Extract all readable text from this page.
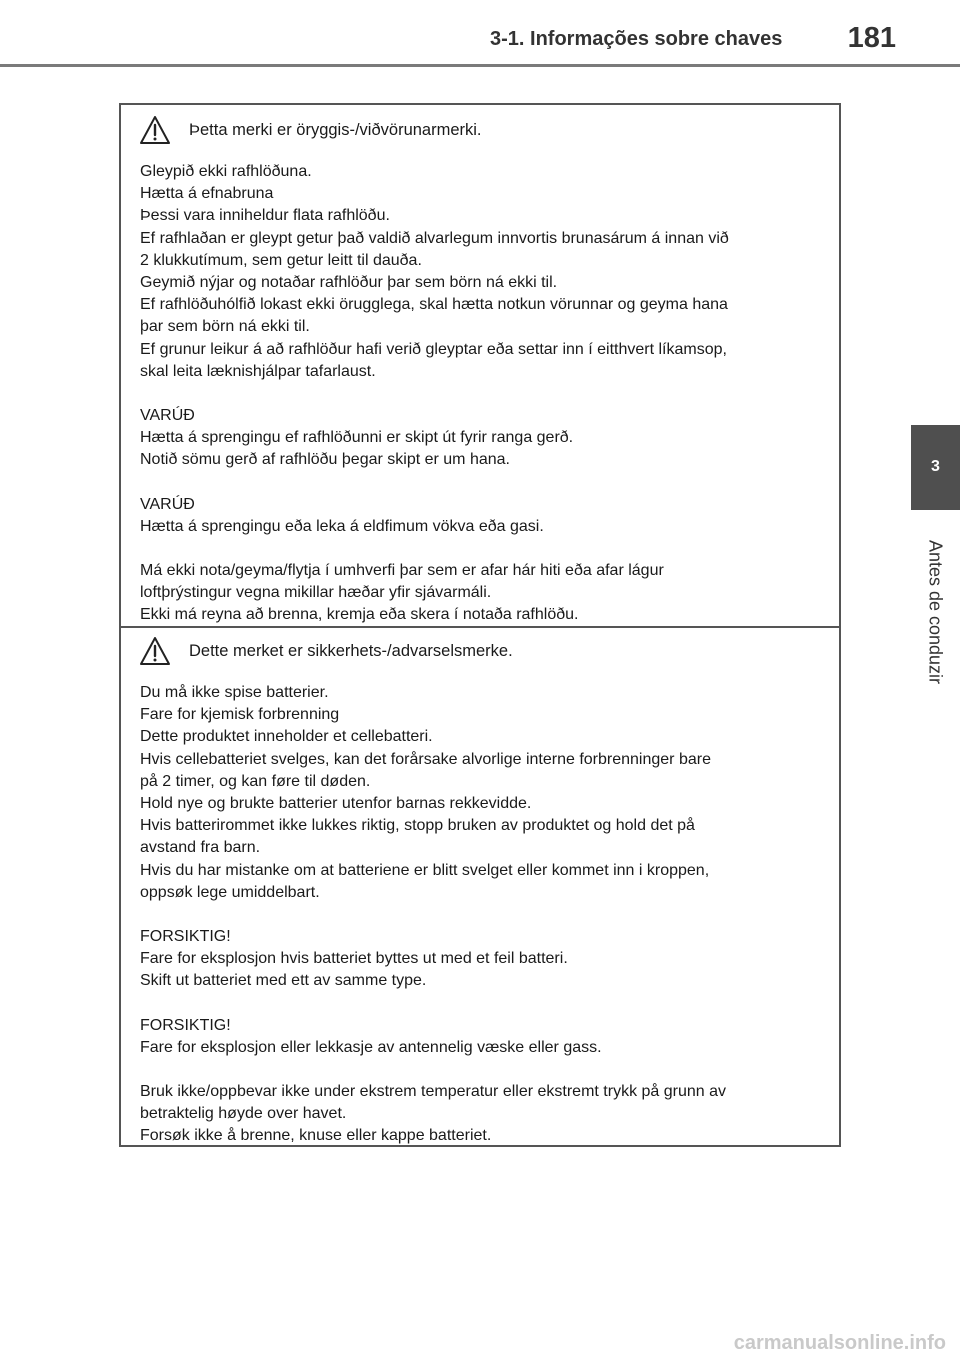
3-1. Informações sobre chaves	181
3
Antes de conduzir
Þetta merki er öryggis-/viðvörunarmerki.
Gleypið ekki rafhlöðuna.
Hætta á efnabruna
Þessi vara inniheldur flata rafhlöðu.
Ef rafhlaðan er gleypt getur það valdið alvarlegum innvortis brunasárum á innan við
2 klukkutímum, sem getur leitt til dauða.
Geymið nýjar og notaðar rafhlöður þar sem börn ná ekki til.
Ef rafhlöðuhólfið lokast ekki örugglega, skal hætta notkun vörunnar og geyma hana
þar sem börn ná ekki til.
Ef grunur leikur á að rafhlöður hafi verið gleyptar eða settar inn í eitthvert líkamsop,
skal leita læknishjálpar tafarlaust.
VARÚÐ
Hætta á sprengingu ef rafhlöðunni er skipt út fyrir ranga gerð.
Notið sömu gerð af rafhlöðu þegar skipt er um hana.
VARÚÐ
Hætta á sprengingu eða leka á eldfimum vökva eða gasi.
Má ekki nota/geyma/flytja í umhverfi þar sem er afar hár hiti eða afar lágur
loftþrýstingur vegna mikillar hæðar yfir sjávarmáli.
Ekki má reyna að brenna, kremja eða skera í notaða rafhlöðu.
Dette merket er sikkerhets-/advarselsmerke.
Du må ikke spise batterier.
Fare for kjemisk forbrenning
Dette produktet inneholder et cellebatteri.
Hvis cellebatteriet svelges, kan det forårsake alvorlige interne forbrenninger bare
på 2 timer, og kan føre til døden.
Hold nye og brukte batterier utenfor barnas rekkevidde.
Hvis batterirommet ikke lukkes riktig, stopp bruken av produktet og hold det på
avstand fra barn.
Hvis du har mistanke om at batteriene er blitt svelget eller kommet inn i kroppen,
oppsøk lege umiddelbart.
FORSIKTIG!
Fare for eksplosjon hvis batteriet byttes ut med et feil batteri.
Skift ut batteriet med ett av samme type.
FORSIKTIG!
Fare for eksplosjon eller lekkasje av antennelig væske eller gass.
Bruk ikke/oppbevar ikke under ekstrem temperatur eller ekstremt trykk på grunn av
betraktelig høyde over havet.
Forsøk ikke å brenne, knuse eller kappe batteriet.
carmanualsonline.info
